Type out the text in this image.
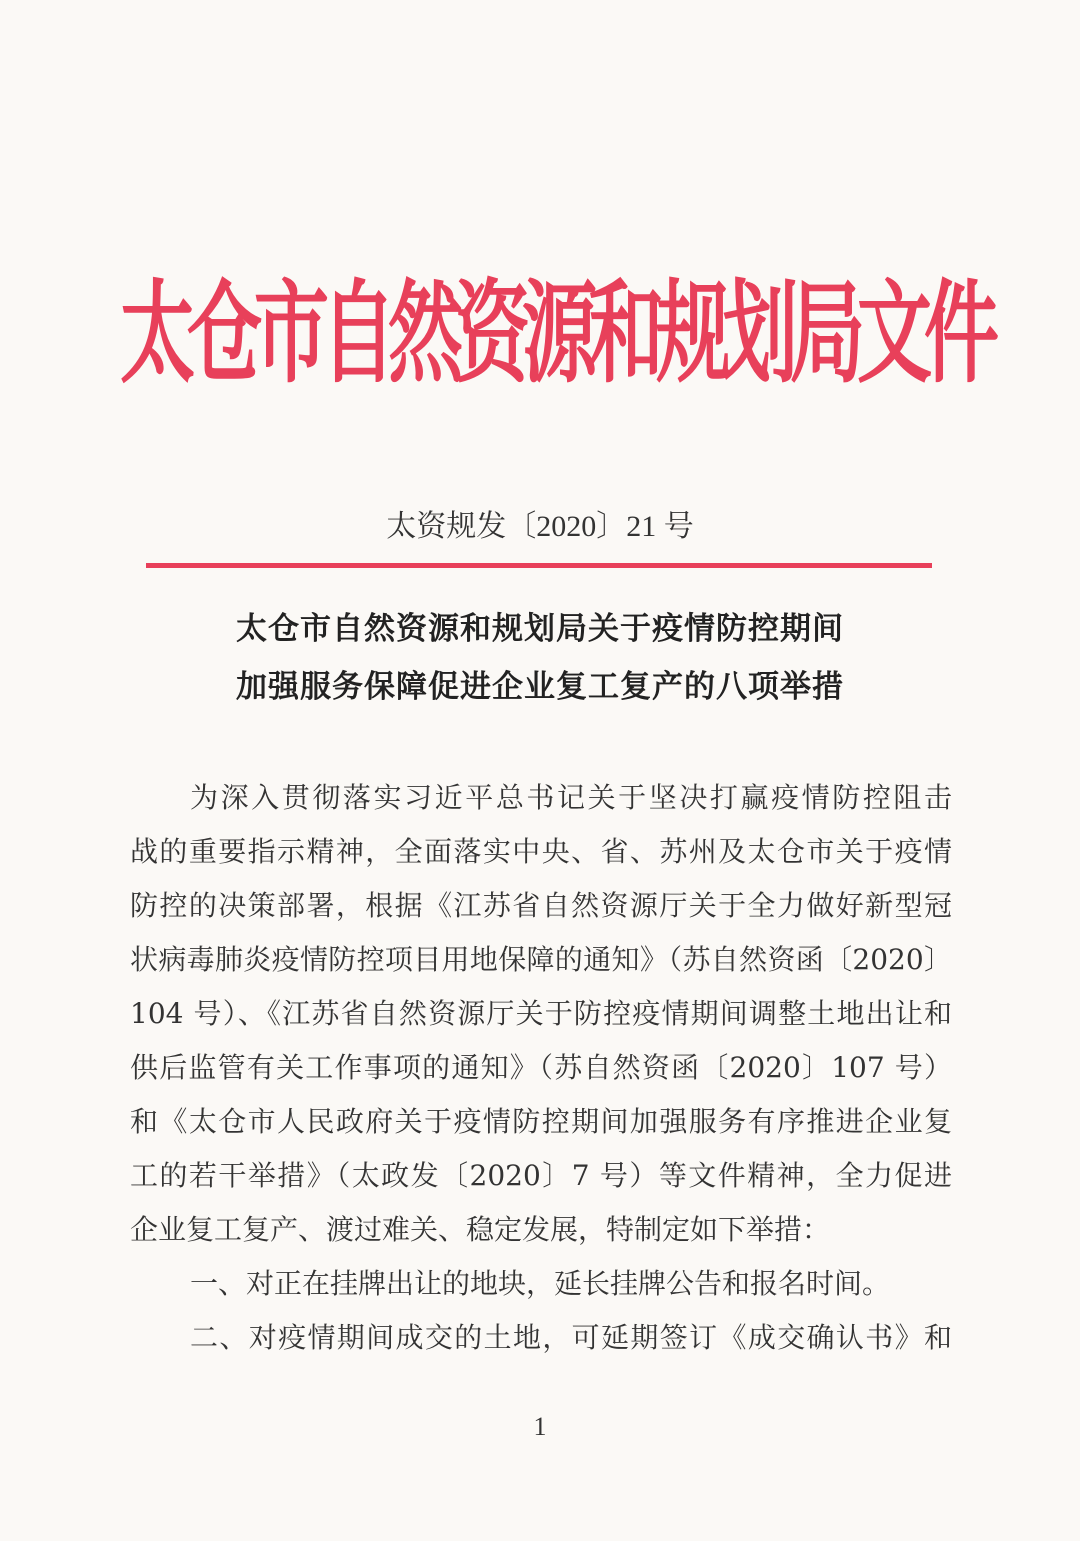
太仓市自然资源和规划局文件
太资规发〔2020〕21 号
太仓市自然资源和规划局关于疫情防控期间
加强服务保障促进企业复工复产的八项举措
为深入贯彻落实习近平总书记关于坚决打赢疫情防控阻击
战的重要指示精神，全面落实中央、省、苏州及太仓市关于疫情
防控的决策部署，根据《江苏省自然资源厅关于全力做好新型冠
状病毒肺炎疫情防控项目用地保障的通知》（苏自然资函〔2020〕
104 号）、《江苏省自然资源厅关于防控疫情期间调整土地出让和
供后监管有关工作事项的通知》（苏自然资函〔2020〕107 号）
和《太仓市人民政府关于疫情防控期间加强服务有序推进企业复
工的若干举措》（太政发〔2020〕7 号）等文件精神，全力促进
企业复工复产、渡过难关、稳定发展，特制定如下举措：
一、对正在挂牌出让的地块，延长挂牌公告和报名时间。
二、对疫情期间成交的土地，可延期签订《成交确认书》和
1
